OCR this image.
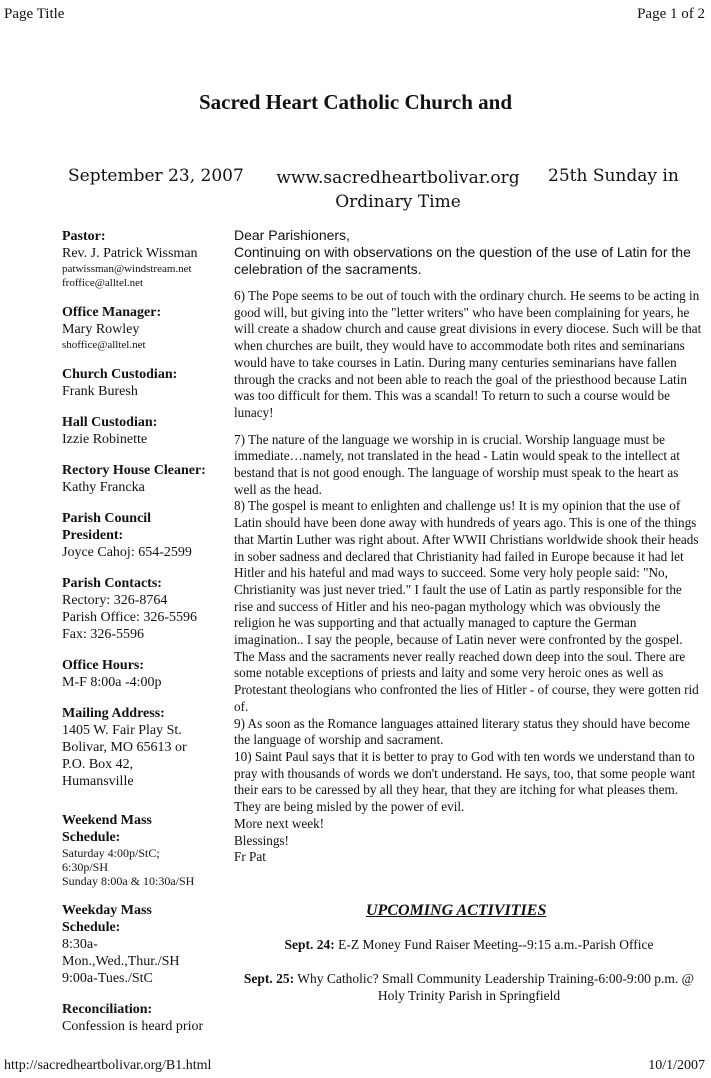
Page Title	Page 1 of 2
Sacred Heart Catholic Church and
September 23, 2007	www.sacredheartbolivar.org
Ordinary Time
25th Sunday in
Pastor:
Rev. J. Patrick Wissman
patwissman@windstream.net
froffice@alltel.net
Office Manager:
Mary Rowley
shoffice@alltel.net
Church Custodian:
Frank Buresh
Hall Custodian:
Izzie Robinette
Rectory House Cleaner:
Kathy Francka
Parish Council
President:
Joyce Cahoj: 654-2599
Parish Contacts:
Rectory: 326-8764
Parish Office: 326-5596
Fax: 326-5596
Office Hours:
M-F 8:00a -4:00p
Mailing Address:
1405 W. Fair Play St.
Bolivar, MO 65613 or
P.O. Box 42,
Humansville
Weekend Mass
Schedule:
Saturday 4:00p/StC;
6:30p/SH
Sunday 8:00a & 10:30a/SH
Weekday Mass
Schedule:
8:30a-
Mon.,Wed.,Thur./SH
9:00a-Tues./StC
Reconciliation:
Confession is heard prior
Dear Parishioners,
Continuing on with observations on the question of the use of Latin for the celebration of the sacraments.
6) The Pope seems to be out of touch with the ordinary church. He seems to be acting in good will, but giving into the "letter writers" who have been complaining for years, he will create a shadow church and cause great divisions in every diocese. Such will be that when churches are built, they would have to accommodate both rites and seminarians would have to take courses in Latin. During many centuries seminarians have fallen through the cracks and not been able to reach the goal of the priesthood because Latin was too difficult for them. This was a scandal! To return to such a course would be lunacy!
7) The nature of the language we worship in is crucial. Worship language must be immediate…namely, not translated in the head - Latin would speak to the intellect at bestand that is not good enough. The language of worship must speak to the heart as well as the head.
8) The gospel is meant to enlighten and challenge us! It is my opinion that the use of Latin should have been done away with hundreds of years ago. This is one of the things that Martin Luther was right about. After WWII Christians worldwide shook their heads in sober sadness and declared that Christianity had failed in Europe because it had let Hitler and his hateful and mad ways to succeed. Some very holy people said: "No, Christianity was just never tried." I fault the use of Latin as partly responsible for the rise and success of Hitler and his neo-pagan mythology which was obviously the religion he was supporting and that actually managed to capture the German imagination.. I say the people, because of Latin never were confronted by the gospel. The Mass and the sacraments never really reached down deep into the soul. There are some notable exceptions of priests and laity and some very heroic ones as well as Protestant theologians who confronted the lies of Hitler - of course, they were gotten rid of.
9) As soon as the Romance languages attained literary status they should have become the language of worship and sacrament.
10) Saint Paul says that it is better to pray to God with ten words we understand than to pray with thousands of words we don't understand. He says, too, that some people want their ears to be caressed by all they hear, that they are itching for what pleases them. They are being misled by the power of evil.
More next week!
Blessings!
Fr Pat
UPCOMING ACTIVITIES
Sept. 24: E-Z Money Fund Raiser Meeting--9:15 a.m.-Parish Office
Sept. 25: Why Catholic? Small Community Leadership Training-6:00-9:00 p.m. @ Holy Trinity Parish in Springfield
http://sacredheartbolivar.org/B1.html	10/1/2007
